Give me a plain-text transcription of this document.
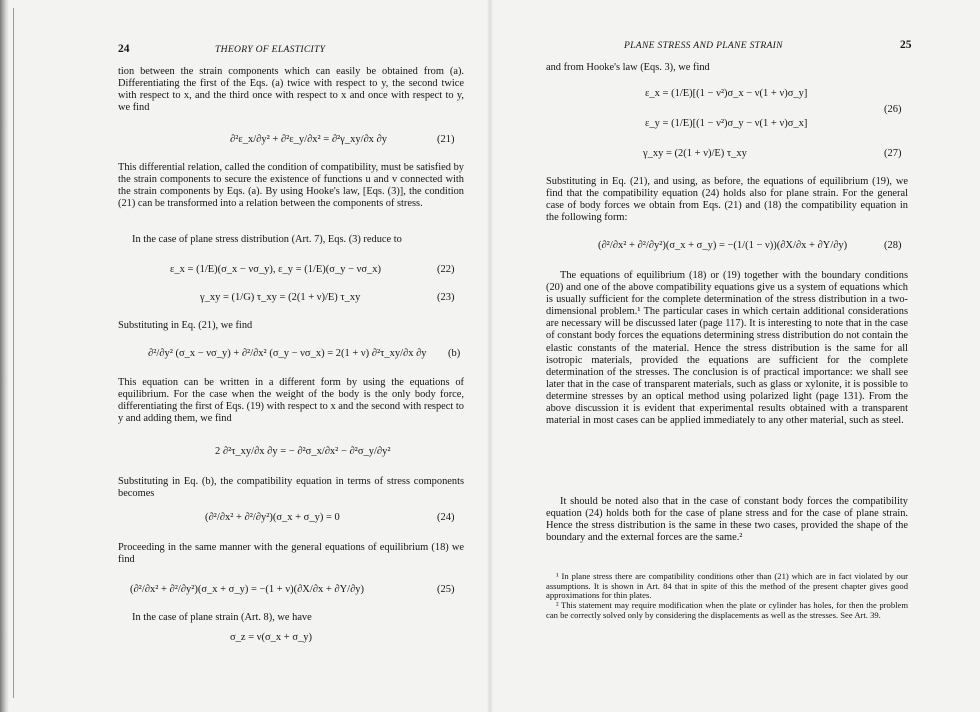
24	THEORY OF ELASTICITY

tion between the strain components which can easily be obtained from (a). Differentiating the first of the Eqs. (a) twice with respect to y, the second twice with respect to x, and the third once with respect to x and once with respect to y, we find

∂²ε_x/∂y² + ∂²ε_y/∂x² = ∂²γ_xy/∂x ∂y	(21)

This differential relation, called the condition of compatibility, must be satisfied by the strain components to secure the existence of functions u and v connected with the strain components by Eqs. (a). By using Hooke's law, [Eqs. (3)], the condition (21) can be transformed into a relation between the components of stress.

In the case of plane stress distribution (Art. 7), Eqs. (3) reduce to

ε_x = (1/E)(σ_x − νσ_y), ε_y = (1/E)(σ_y − νσ_x)	(22)
γ_xy = (1/G) τ_xy = (2(1 + ν)/E) τ_xy	(23)

Substituting in Eq. (21), we find

∂²/∂y² (σ_x − νσ_y) + ∂²/∂x² (σ_y − νσ_x) = 2(1 + ν) ∂²τ_xy/∂x ∂y (b)

This equation can be written in a different form by using the equations of equilibrium. For the case when the weight of the body is the only body force, differentiating the first of Eqs. (19) with respect to x and the second with respect to y and adding them, we find

2 ∂²τ_xy/∂x ∂y = − ∂²σ_x/∂x² − ∂²σ_y/∂y²

Substituting in Eq. (b), the compatibility equation in terms of stress components becomes

(∂²/∂x² + ∂²/∂y²)(σ_x + σ_y) = 0	(24)

Proceeding in the same manner with the general equations of equilibrium (18) we find

(∂²/∂x² + ∂²/∂y²)(σ_x + σ_y) = −(1 + ν)(∂X/∂x + ∂Y/∂y)	(25)

In the case of plane strain (Art. 8), we have

σ_z = ν(σ_x + σ_y)
PLANE STRESS AND PLANE STRAIN	25

and from Hooke's law (Eqs. 3), we find

ε_x = (1/E)[(1 − ν²)σ_x − ν(1 + ν)σ_y]
ε_y = (1/E)[(1 − ν²)σ_y − ν(1 + ν)σ_x]
(26)
γ_xy = (2(1 + ν)/E) τ_xy	(27)

Substituting in Eq. (21), and using, as before, the equations of equilibrium (19), we find that the compatibility equation (24) holds also for plane strain. For the general case of body forces we obtain from Eqs. (21) and (18) the compatibility equation in the following form:

(∂²/∂x² + ∂²/∂y²)(σ_x + σ_y) = −(1/(1 − ν))(∂X/∂x + ∂Y/∂y)	(28)

The equations of equilibrium (18) or (19) together with the boundary conditions (20) and one of the above compatibility equations give us a system of equations which is usually sufficient for the complete determination of the stress distribution in a two-dimensional problem.¹ The particular cases in which certain additional considerations are necessary will be discussed later (page 117). It is interesting to note that in the case of constant body forces the equations determining stress distribution do not contain the elastic constants of the material. Hence the stress distribution is the same for all isotropic materials, provided the equations are sufficient for the complete determination of the stresses. The conclusion is of practical importance: we shall see later that in the case of transparent materials, such as glass or xylonite, it is possible to determine stresses by an optical method using polarized light (page 131). From the above discussion it is evident that experimental results obtained with a transparent material in most cases can be applied immediately to any other material, such as steel.

It should be noted also that in the case of constant body forces the compatibility equation (24) holds both for the case of plane stress and for the case of plane strain. Hence the stress distribution is the same in these two cases, provided the shape of the boundary and the external forces are the same.²

¹ In plane stress there are compatibility conditions other than (21) which are in fact violated by our assumptions. It is shown in Art. 84 that in spite of this the method of the present chapter gives good approximations for thin plates.

² This statement may require modification when the plate or cylinder has holes, for then the problem can be correctly solved only by considering the displacements as well as the stresses. See Art. 39.
